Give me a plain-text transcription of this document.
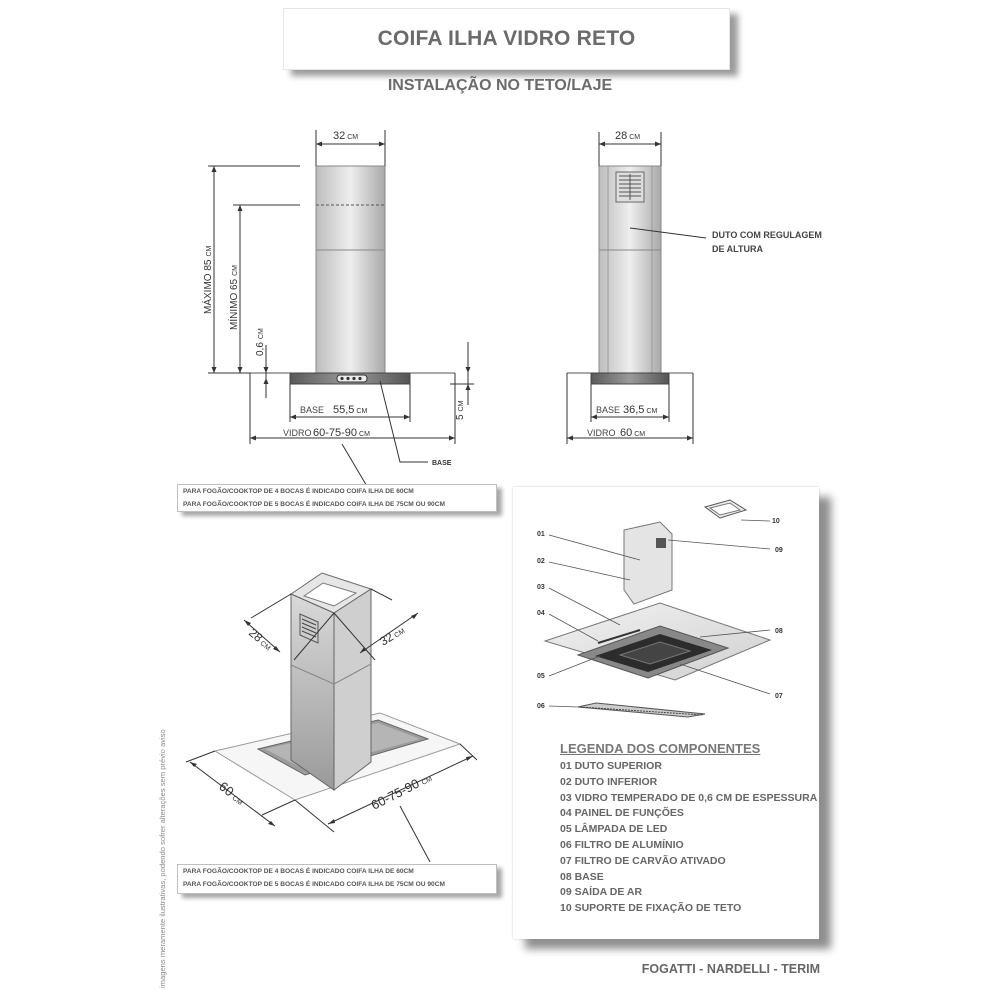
COIFA ILHA VIDRO RETO
INSTALAÇÃO NO TETO/LAJE
32 CM
MÁXIMO 85CM
MÍNIMO 65CM
0,6CM
5CM
BASE 55,5 CM
VIDRO 60-75-90 CM
BASE
28 CM
DUTO COM REGULAGEM
DE ALTURA
BASE 36,5 CM
VIDRO 60 CM
28CM	32CM
60CM	60-75-90CM
PARA FOGÃO/COOKTOP DE 4 BOCAS É INDICADO COIFA ILHA DE 60CM
PARA FOGÃO/COOKTOP DE 5 BOCAS É INDICADO COIFA ILHA DE 75CM OU 90CM
PARA FOGÃO/COOKTOP DE 4 BOCAS É INDICADO COIFA ILHA DE 60CM
PARA FOGÃO/COOKTOP DE 5 BOCAS É INDICADO COIFA ILHA DE 75CM OU 90CM
01
02
03
04
05
06
07
08
09
10
LEGENDA DOS COMPONENTES
01 DUTO SUPERIOR
02 DUTO INFERIOR
03 VIDRO TEMPERADO DE 0,6 CM DE ESPESSURA
04 PAINEL DE FUNÇÕES
05 LÂMPADA DE LED
06 FILTRO DE ALUMÍNIO
07 FILTRO DE CARVÃO ATIVADO
08 BASE
09 SAÍDA DE AR
10 SUPORTE DE FIXAÇÃO DE TETO
FOGATTI - NARDELLI - TERIM
imagens meramente ilustrativas, podendo sofrer alterações sem prévio aviso
